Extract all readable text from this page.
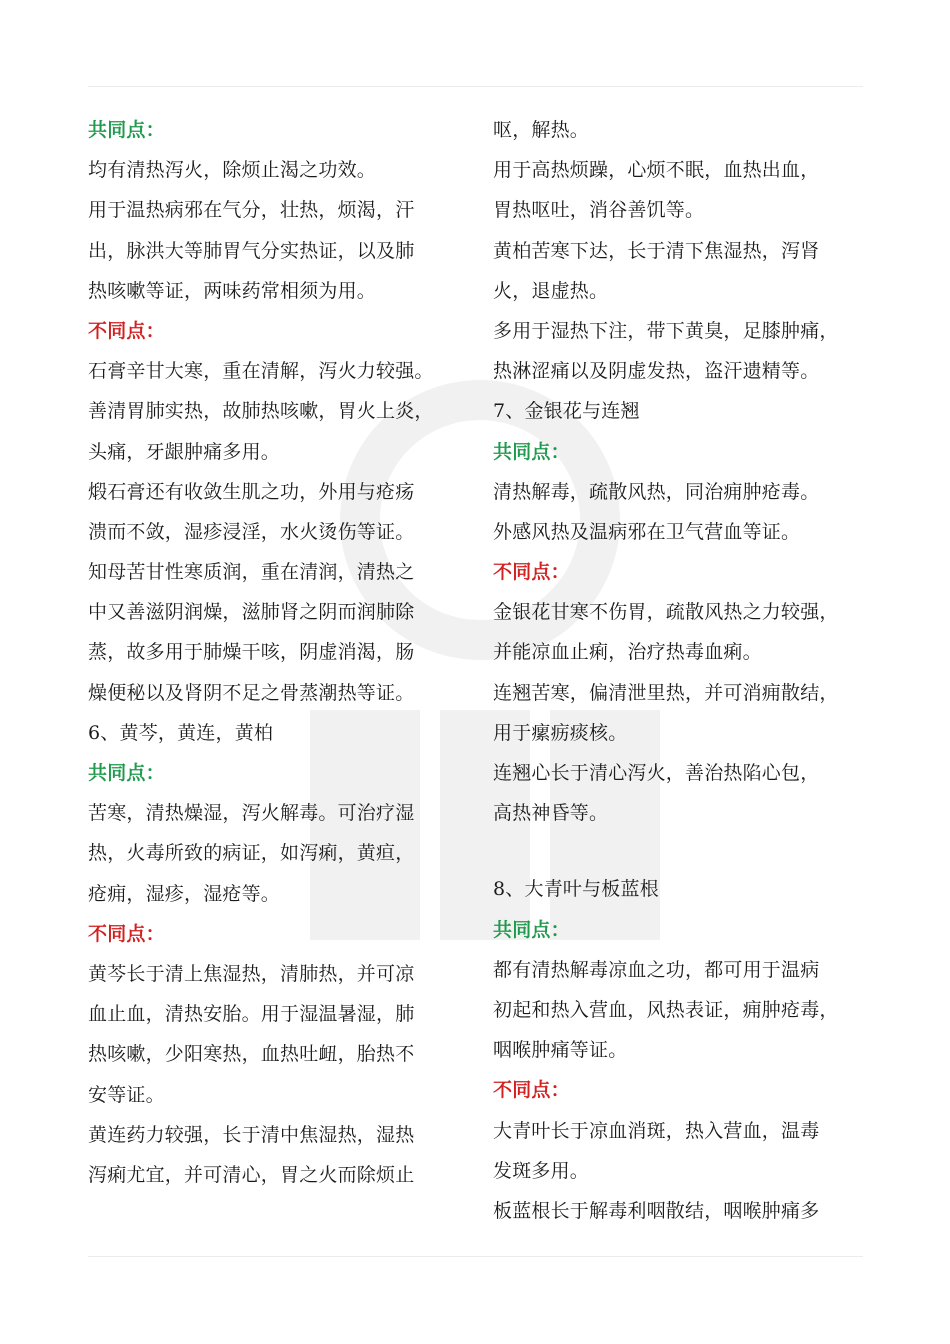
共同点：
均有清热泻火，除烦止渴之功效。
用于温热病邪在气分，壮热，烦渴，汗
出，脉洪大等肺胃气分实热证，以及肺
热咳嗽等证，两味药常相须为用。
不同点：
石膏辛甘大寒，重在清解，泻火力较强。
善清胃肺实热，故肺热咳嗽，胃火上炎，
头痛，牙龈肿痛多用。
煅石膏还有收敛生肌之功，外用与疮疡
溃而不敛，湿疹浸淫，水火烫伤等证。
知母苦甘性寒质润，重在清润，清热之
中又善滋阴润燥，滋肺肾之阴而润肺除
蒸，故多用于肺燥干咳，阴虚消渴，肠
燥便秘以及肾阴不足之骨蒸潮热等证。
6、黄芩，黄连，黄柏
共同点：
苦寒，清热燥湿，泻火解毒。可治疗湿
热，火毒所致的病证，如泻痢，黄疸，
疮痈，湿疹，湿疮等。
不同点：
黄芩长于清上焦湿热，清肺热，并可凉
血止血，清热安胎。用于湿温暑湿，肺
热咳嗽，少阳寒热，血热吐衄，胎热不
安等证。
黄连药力较强，长于清中焦湿热，湿热
泻痢尤宜，并可清心，胃之火而除烦止
呕，解热。
用于高热烦躁，心烦不眠，血热出血，
胃热呕吐，消谷善饥等。
黄柏苦寒下达，长于清下焦湿热，泻肾
火，退虚热。
多用于湿热下注，带下黄臭，足膝肿痛，
热淋涩痛以及阴虚发热，盗汗遗精等。
7、金银花与连翘
共同点：
清热解毒，疏散风热，同治痈肿疮毒。
外感风热及温病邪在卫气营血等证。
不同点：
金银花甘寒不伤胃，疏散风热之力较强，
并能凉血止痢，治疗热毒血痢。
连翘苦寒，偏清泄里热，并可消痈散结，
用于瘰疬痰核。
连翘心长于清心泻火，善治热陷心包，
高热神昏等。
8、大青叶与板蓝根
共同点：
都有清热解毒凉血之功，都可用于温病
初起和热入营血，风热表证，痈肿疮毒，
咽喉肿痛等证。
不同点：
大青叶长于凉血消斑，热入营血，温毒
发斑多用。
板蓝根长于解毒利咽散结，咽喉肿痛多
